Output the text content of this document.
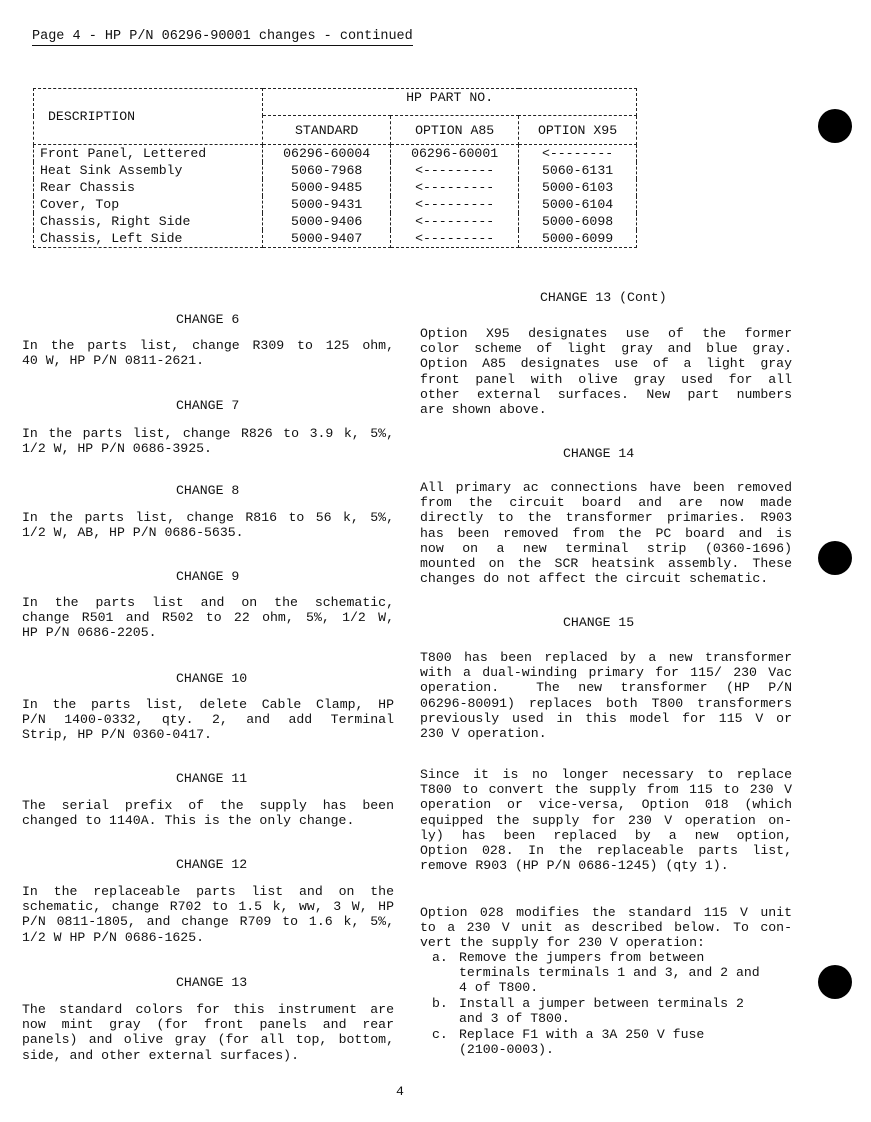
Page 4 - HP P/N 06296-90001 changes - continued
DESCRIPTION	HP PART NO.		
	STANDARD	OPTION A85	OPTION X95
Front Panel, Lettered	06296-60004	06296-60001	<--------
Heat Sink Assembly	5060-7968	<---------	5060-6131
Rear Chassis	5000-9485	<---------	5000-6103
Cover, Top	5000-9431	<---------	5000-6104
Chassis, Right Side	5000-9406	<---------	5000-6098
Chassis, Left Side	5000-9407	<---------	5000-6099
CHANGE 6
In the parts list, change R309 to 125 ohm,
40 W, HP P/N 0811-2621.
CHANGE 7
In the parts list, change R826 to 3.9 k, 5%,
1/2 W, HP P/N 0686-3925.
CHANGE 8
In the parts list, change R816 to 56 k, 5%,
1/2 W, AB, HP P/N 0686-5635.
CHANGE 9
In the parts list and on the schematic,
change R501 and R502 to 22 ohm, 5%, 1/2 W,
HP P/N 0686-2205.
CHANGE 10
In the parts list, delete Cable Clamp, HP
P/N 1400-0332, qty. 2, and add Terminal
Strip, HP P/N 0360-0417.
CHANGE 11
The serial prefix of the supply has been
changed to 1140A. This is the only change.
CHANGE 12
In the replaceable parts list and on the
schematic, change R702 to 1.5 k, ww, 3 W, HP
P/N 0811-1805, and change R709 to 1.6 k, 5%,
1/2 W HP P/N 0686-1625.
CHANGE 13
The standard colors for this instrument are
now mint gray (for front panels and rear
panels) and olive gray (for all top, bottom,
side, and other external surfaces).
CHANGE 13 (Cont)
Option X95 designates use of the former
color scheme of light gray and blue gray.
Option A85 designates use of a light gray
front panel with olive gray used for all
other external surfaces. New part numbers
are shown above.
CHANGE 14
All primary ac connections have been removed
from the circuit board and are now made
directly to the transformer primaries. R903
has been removed from the PC board and is
now on a new terminal strip (0360-1696)
mounted on the SCR heatsink assembly. These
changes do not affect the circuit schematic.
CHANGE 15
T800 has been replaced by a new transformer
with a dual-winding primary for 115/ 230 Vac
operation.  The new transformer (HP P/N
06296-80091) replaces both T800 transformers
previously used in this model for 115 V or
230 V operation.
Since it is no longer necessary to replace
T800 to convert the supply from 115 to 230 V
operation or vice-versa, Option 018 (which
equipped the supply for 230 V operation on-
ly) has been replaced by a new option,
Option 028. In the replaceable parts list,
remove R903 (HP P/N 0686-1245) (qty 1).
Option 028 modifies the standard 115 V unit
to a 230 V unit as described below. To con-
vert the supply for 230 V operation:
a. Remove the jumpers from between
terminals terminals 1 and 3, and 2 and
4 of T800.
b. Install a jumper between terminals 2
and 3 of T800.
c. Replace F1 with a 3A 250 V fuse
(2100-0003).
4
